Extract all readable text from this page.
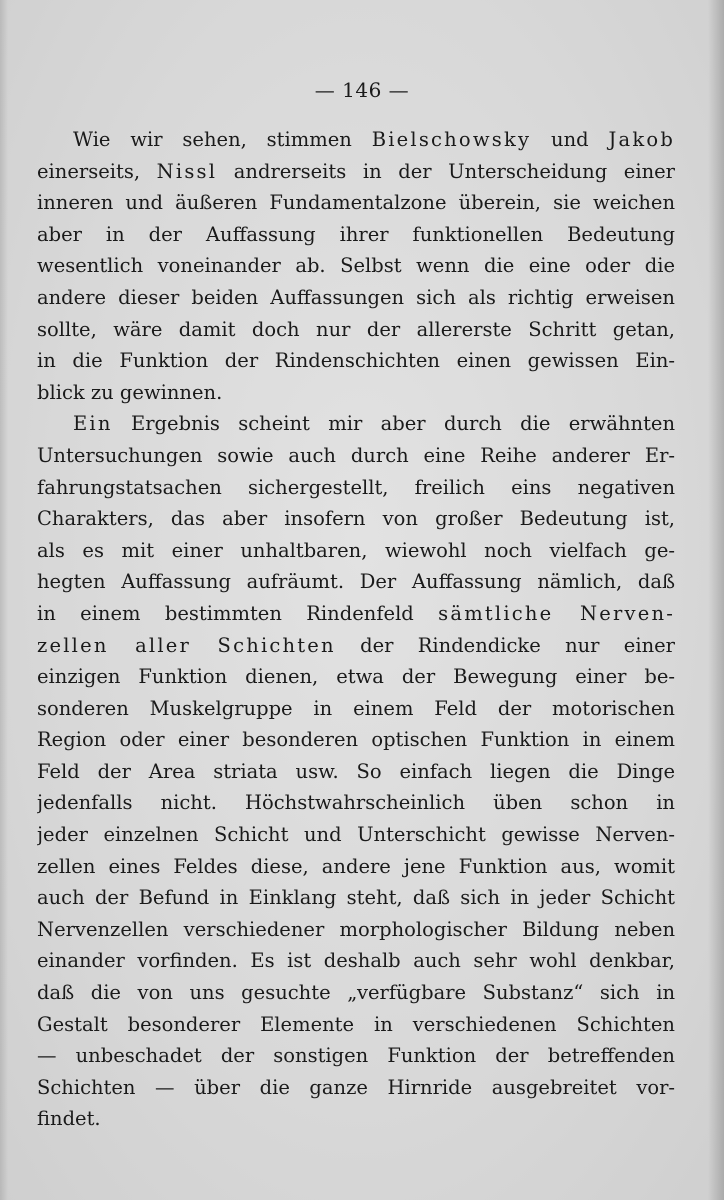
— 146 —
Wie wir sehen, stimmen Bielschowsky und Jakob
einerseits, Nissl andrerseits in der Unterscheidung einer
inneren und äußeren Fundamentalzone überein, sie weichen
aber in der Auffassung ihrer funktionellen Bedeutung
wesentlich voneinander ab. Selbst wenn die eine oder die
andere dieser beiden Auffassungen sich als richtig erweisen
sollte, wäre damit doch nur der allererste Schritt getan,
in die Funktion der Rindenschichten einen gewissen Ein-
blick zu gewinnen.
Ein Ergebnis scheint mir aber durch die erwähnten
Untersuchungen sowie auch durch eine Reihe anderer Er-
fahrungstatsachen sichergestellt, freilich eins negativen
Charakters, das aber insofern von großer Bedeutung ist,
als es mit einer unhaltbaren, wiewohl noch vielfach ge-
hegten Auffassung aufräumt. Der Auffassung nämlich, daß
in einem bestimmten Rindenfeld sämtliche Nerven-
zellen aller Schichten der Rindendicke nur einer
einzigen Funktion dienen, etwa der Bewegung einer be-
sonderen Muskelgruppe in einem Feld der motorischen
Region oder einer besonderen optischen Funktion in einem
Feld der Area striata usw. So einfach liegen die Dinge
jedenfalls nicht. Höchstwahrscheinlich üben schon in
jeder einzelnen Schicht und Unterschicht gewisse Nerven-
zellen eines Feldes diese, andere jene Funktion aus, womit
auch der Befund in Einklang steht, daß sich in jeder Schicht
Nervenzellen verschiedener morphologischer Bildung neben
einander vorfinden. Es ist deshalb auch sehr wohl denkbar,
daß die von uns gesuchte „verfügbare Substanz“ sich in
Gestalt besonderer Elemente in verschiedenen Schichten
— unbeschadet der sonstigen Funktion der betreffenden
Schichten — über die ganze Hirnride ausgebreitet vor-
findet.
